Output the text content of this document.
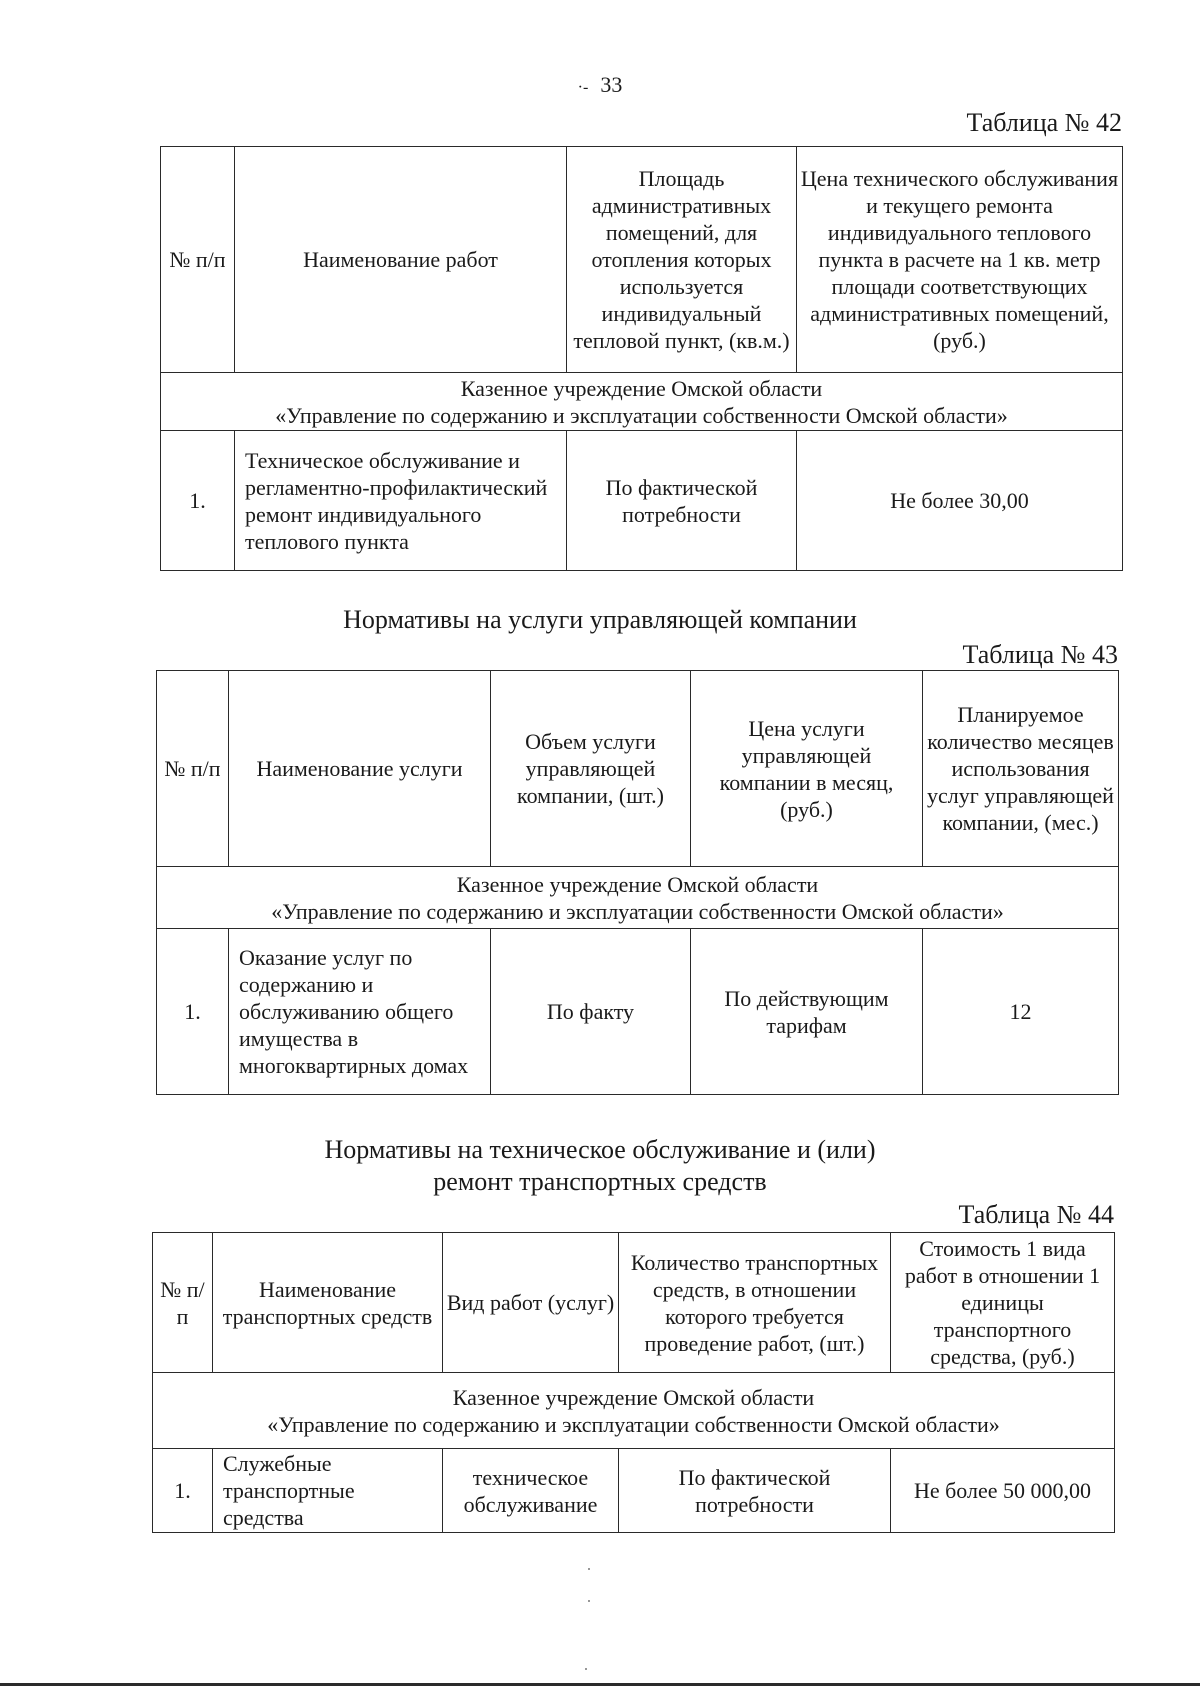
·- 33
Таблица № 42
№ п/п	Наименование работ	Площадь административных помещений, для отопления которых используется индивидуальный тепловой пункт, (кв.м.)	Цена технического обслуживания и текущего ремонта индивидуального теплового пункта в расчете на 1 кв. метр площади соответствующих административных помещений, (руб.)

Казенное учреждение Омской области
«Управление по содержанию и эксплуатации собственности Омской области»			

1.	Техническое обслуживание и регламентно-профилактический ремонт индивидуального теплового пункта	По фактической потребности	Не более 30,00
Нормативы на услуги управляющей компании
Таблица № 43
№ п/п	Наименование услуги	Объем услуги управляющей компании, (шт.)	Цена услуги управляющей компании в месяц, (руб.)	Планируемое количество месяцев использования услуг управляющей компании, (мес.)

Казенное учреждение Омской области
«Управление по содержанию и эксплуатации собственности Омской области»				

1.	Оказание услуг по содержанию и обслуживанию общего имущества в многоквартирных домах	По факту	По действующим тарифам	12
Нормативы на техническое обслуживание и (или)
ремонт транспортных средств
Таблица № 44
№ п/п	Наименование транспортных средств	Вид работ (услуг)	Количество транспортных средств, в отношении которого требуется проведение работ, (шт.)	Стоимость 1 вида работ в отношении 1 единицы транспортного средства, (руб.)

Казенное учреждение Омской области
«Управление по содержанию и эксплуатации собственности Омской области»				

1.	Служебные транспортные средства	техническое обслуживание	По фактической потребности	Не более 50 000,00
